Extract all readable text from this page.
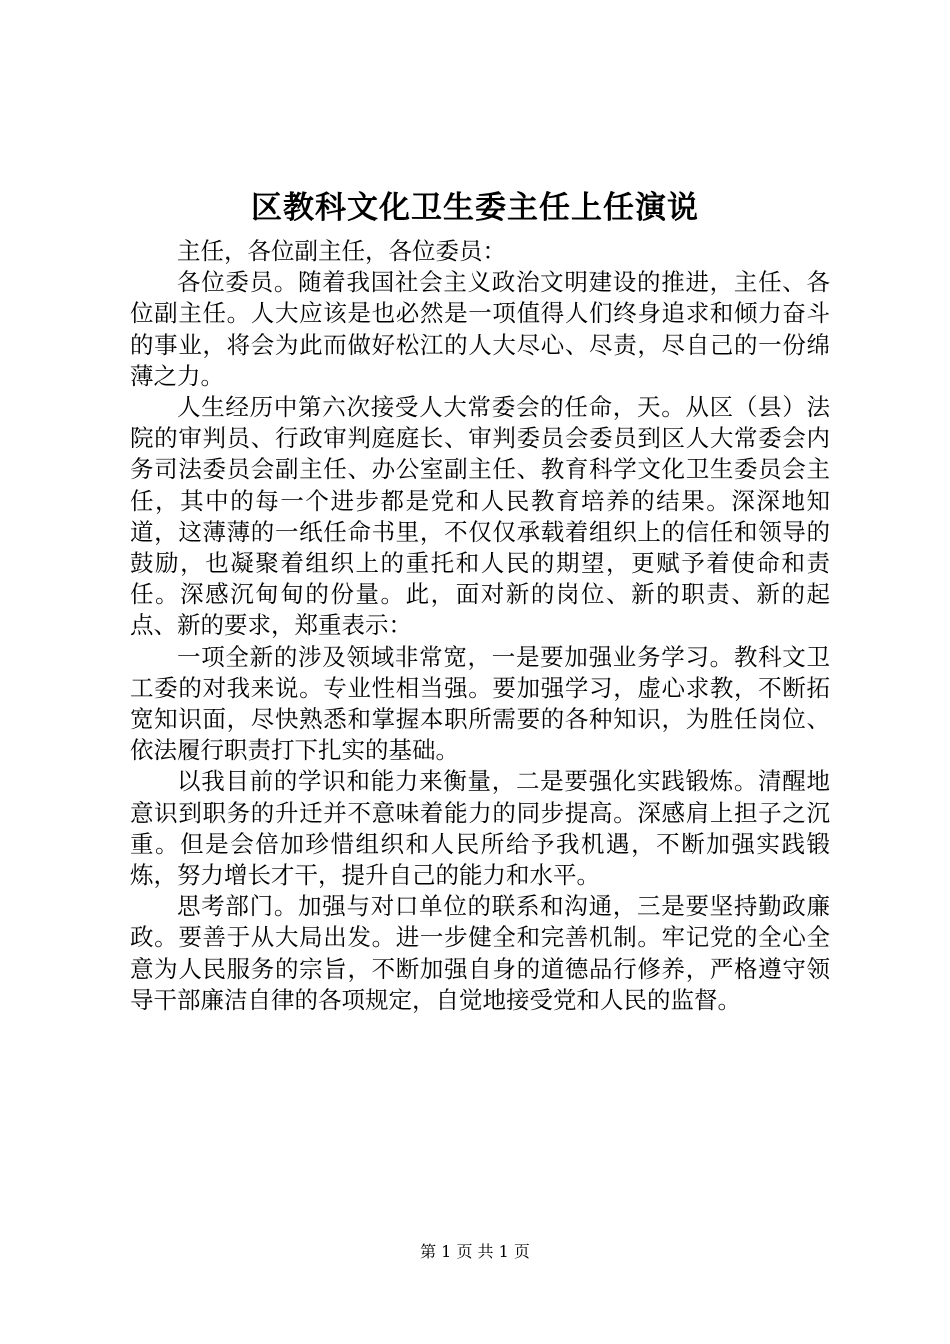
区教科文化卫生委主任上任演说

主任，各位副主任，各位委员：

各位委员。随着我国社会主义政治文明建设的推进，主任、各位副主任。人大应该是也必然是一项值得人们终身追求和倾力奋斗的事业，将会为此而做好松江的人大尽心、尽责，尽自己的一份绵薄之力。

人生经历中第六次接受人大常委会的任命，天。从区（县）法院的审判员、行政审判庭庭长、审判委员会委员到区人大常委会内务司法委员会副主任、办公室副主任、教育科学文化卫生委员会主任，其中的每一个进步都是党和人民教育培养的结果。深深地知道，这薄薄的一纸任命书里，不仅仅承载着组织上的信任和领导的鼓励，也凝聚着组织上的重托和人民的期望，更赋予着使命和责任。深感沉甸甸的份量。此，面对新的岗位、新的职责、新的起点、新的要求，郑重表示：

一项全新的涉及领域非常宽，一是要加强业务学习。教科文卫工委的对我来说。专业性相当强。要加强学习，虚心求教，不断拓宽知识面，尽快熟悉和掌握本职所需要的各种知识，为胜任岗位、依法履行职责打下扎实的基础。

以我目前的学识和能力来衡量，二是要强化实践锻炼。清醒地意识到职务的升迁并不意味着能力的同步提高。深感肩上担子之沉重。但是会倍加珍惜组织和人民所给予我机遇，不断加强实践锻炼，努力增长才干，提升自己的能力和水平。

思考部门。加强与对口单位的联系和沟通，三是要坚持勤政廉政。要善于从大局出发。进一步健全和完善机制。牢记党的全心全意为人民服务的宗旨，不断加强自身的道德品行修养，严格遵守领导干部廉洁自律的各项规定，自觉地接受党和人民的监督。

第 1 页 共 1 页
